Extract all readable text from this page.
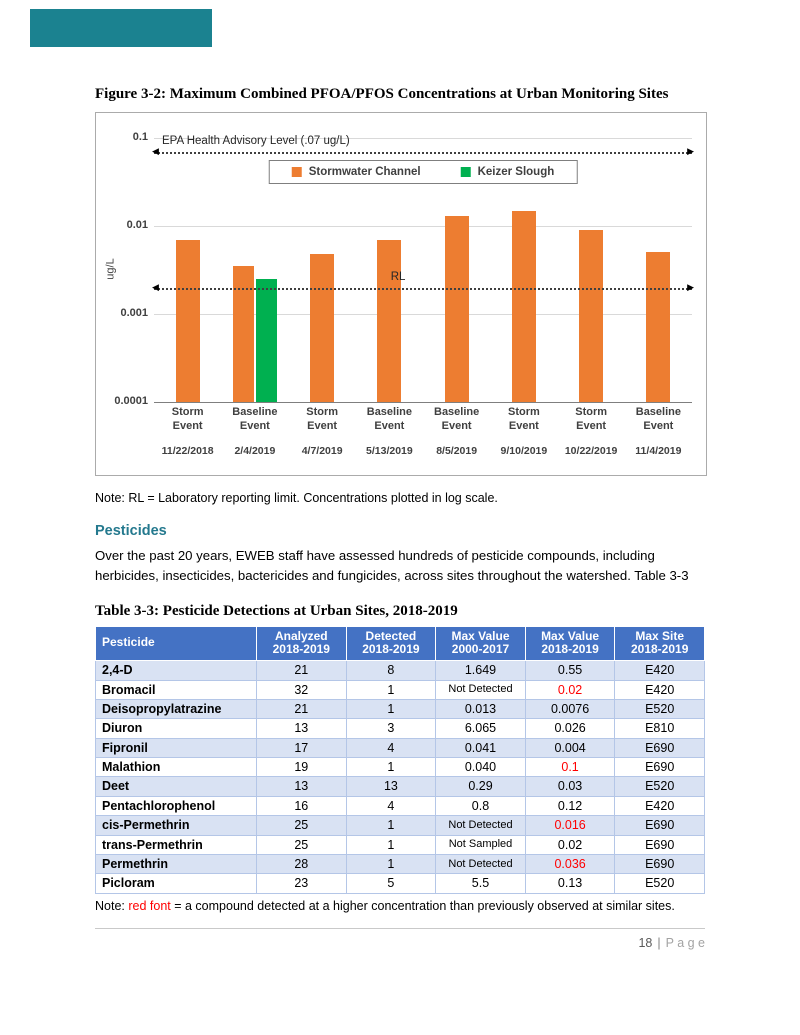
Figure 3-2: Maximum Combined PFOA/PFOS Concentrations at Urban Monitoring Sites
ug/L
0.1
0.01
0.001
0.0001
◀	▶
EPA Health Advisory Level (.07 ug/L)
◀	▶
RL
Stormwater Channel	Keizer Slough
Storm
Event
11/22/2018
Baseline
Event
2/4/2019
Storm
Event
4/7/2019
Baseline
Event
5/13/2019
Baseline
Event
8/5/2019
Storm
Event
9/10/2019
Storm
Event
10/22/2019
Baseline
Event
11/4/2019
Note: RL = Laboratory reporting limit. Concentrations plotted in log scale.
Pesticides

Over the past 20 years, EWEB staff have assessed hundreds of pesticide compounds, including herbicides, insecticides, bactericides and fungicides, across sites throughout the watershed. Table 3-3

Table 3-3: Pesticide Detections at Urban Sites, 2018-2019
Pesticide	Analyzed
2018-2019

Detected
2018-2019

Max Value
2000-2017

Max Value
2018-2019

Max Site
2018-2019

2,4-D	21	8	1.649	0.55	E420
Bromacil	32	1	Not Detected	0.02	E420
Deisopropylatrazine	21	1	0.013	0.0076	E520
Diuron	13	3	6.065	0.026	E810
Fipronil	17	4	0.041	0.004	E690
Malathion	19	1	0.040	0.1	E690
Deet	13	13	0.29	0.03	E520
Pentachlorophenol	16	4	0.8	0.12	E420
cis-Permethrin	25	1	Not Detected	0.016	E690
trans-Permethrin	25	1	Not Sampled	0.02	E690
Permethrin	28	1	Not Detected	0.036	E690
Picloram	23	5	5.5	0.13	E520
Note: red font = a compound detected at a higher concentration than previously observed at similar sites.
18 | P a g e
